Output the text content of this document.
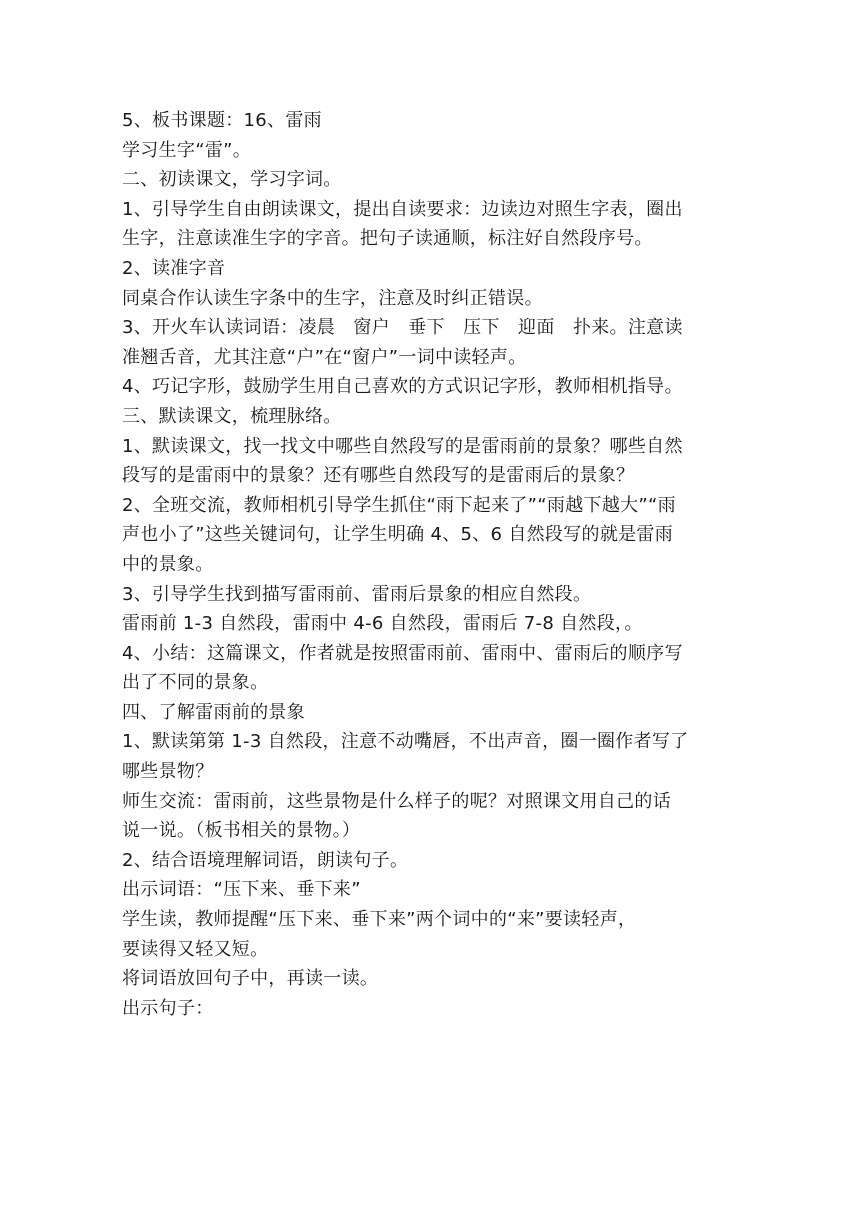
5、板书课题：16、雷雨
学习生字“雷”。
二、初读课文，学习字词。
1、引导学生自由朗读课文，提出自读要求：边读边对照生字表，圈出
生字，注意读准生字的字音。把句子读通顺，标注好自然段序号。
2、读准字音
同桌合作认读生字条中的生字，注意及时纠正错误。
3、开火车认读词语：凌晨　窗户　垂下　压下　迎面　扑来。注意读
准翘舌音，尤其注意“户”在“窗户”一词中读轻声。
4、巧记字形，鼓励学生用自己喜欢的方式识记字形，教师相机指导。
三、默读课文，梳理脉络。
1、默读课文，找一找文中哪些自然段写的是雷雨前的景象？哪些自然
段写的是雷雨中的景象？还有哪些自然段写的是雷雨后的景象？
2、全班交流，教师相机引导学生抓住“雨下起来了”“雨越下越大”“雨
声也小了”这些关键词句，让学生明确 4、5、6 自然段写的就是雷雨
中的景象。
3、引导学生找到描写雷雨前、雷雨后景象的相应自然段。
雷雨前 1-3 自然段，雷雨中 4-6 自然段，雷雨后 7-8 自然段，。
4、小结：这篇课文，作者就是按照雷雨前、雷雨中、雷雨后的顺序写
出了不同的景象。
四、了解雷雨前的景象
1、默读第第 1-3 自然段，注意不动嘴唇，不出声音，圈一圈作者写了
哪些景物？
师生交流：雷雨前，这些景物是什么样子的呢？对照课文用自己的话
说一说。（板书相关的景物。）
2、结合语境理解词语，朗读句子。
出示词语：“压下来、垂下来”
学生读，教师提醒“压下来、垂下来”两个词中的“来”要读轻声，
要读得又轻又短。
将词语放回句子中，再读一读。
出示句子：
